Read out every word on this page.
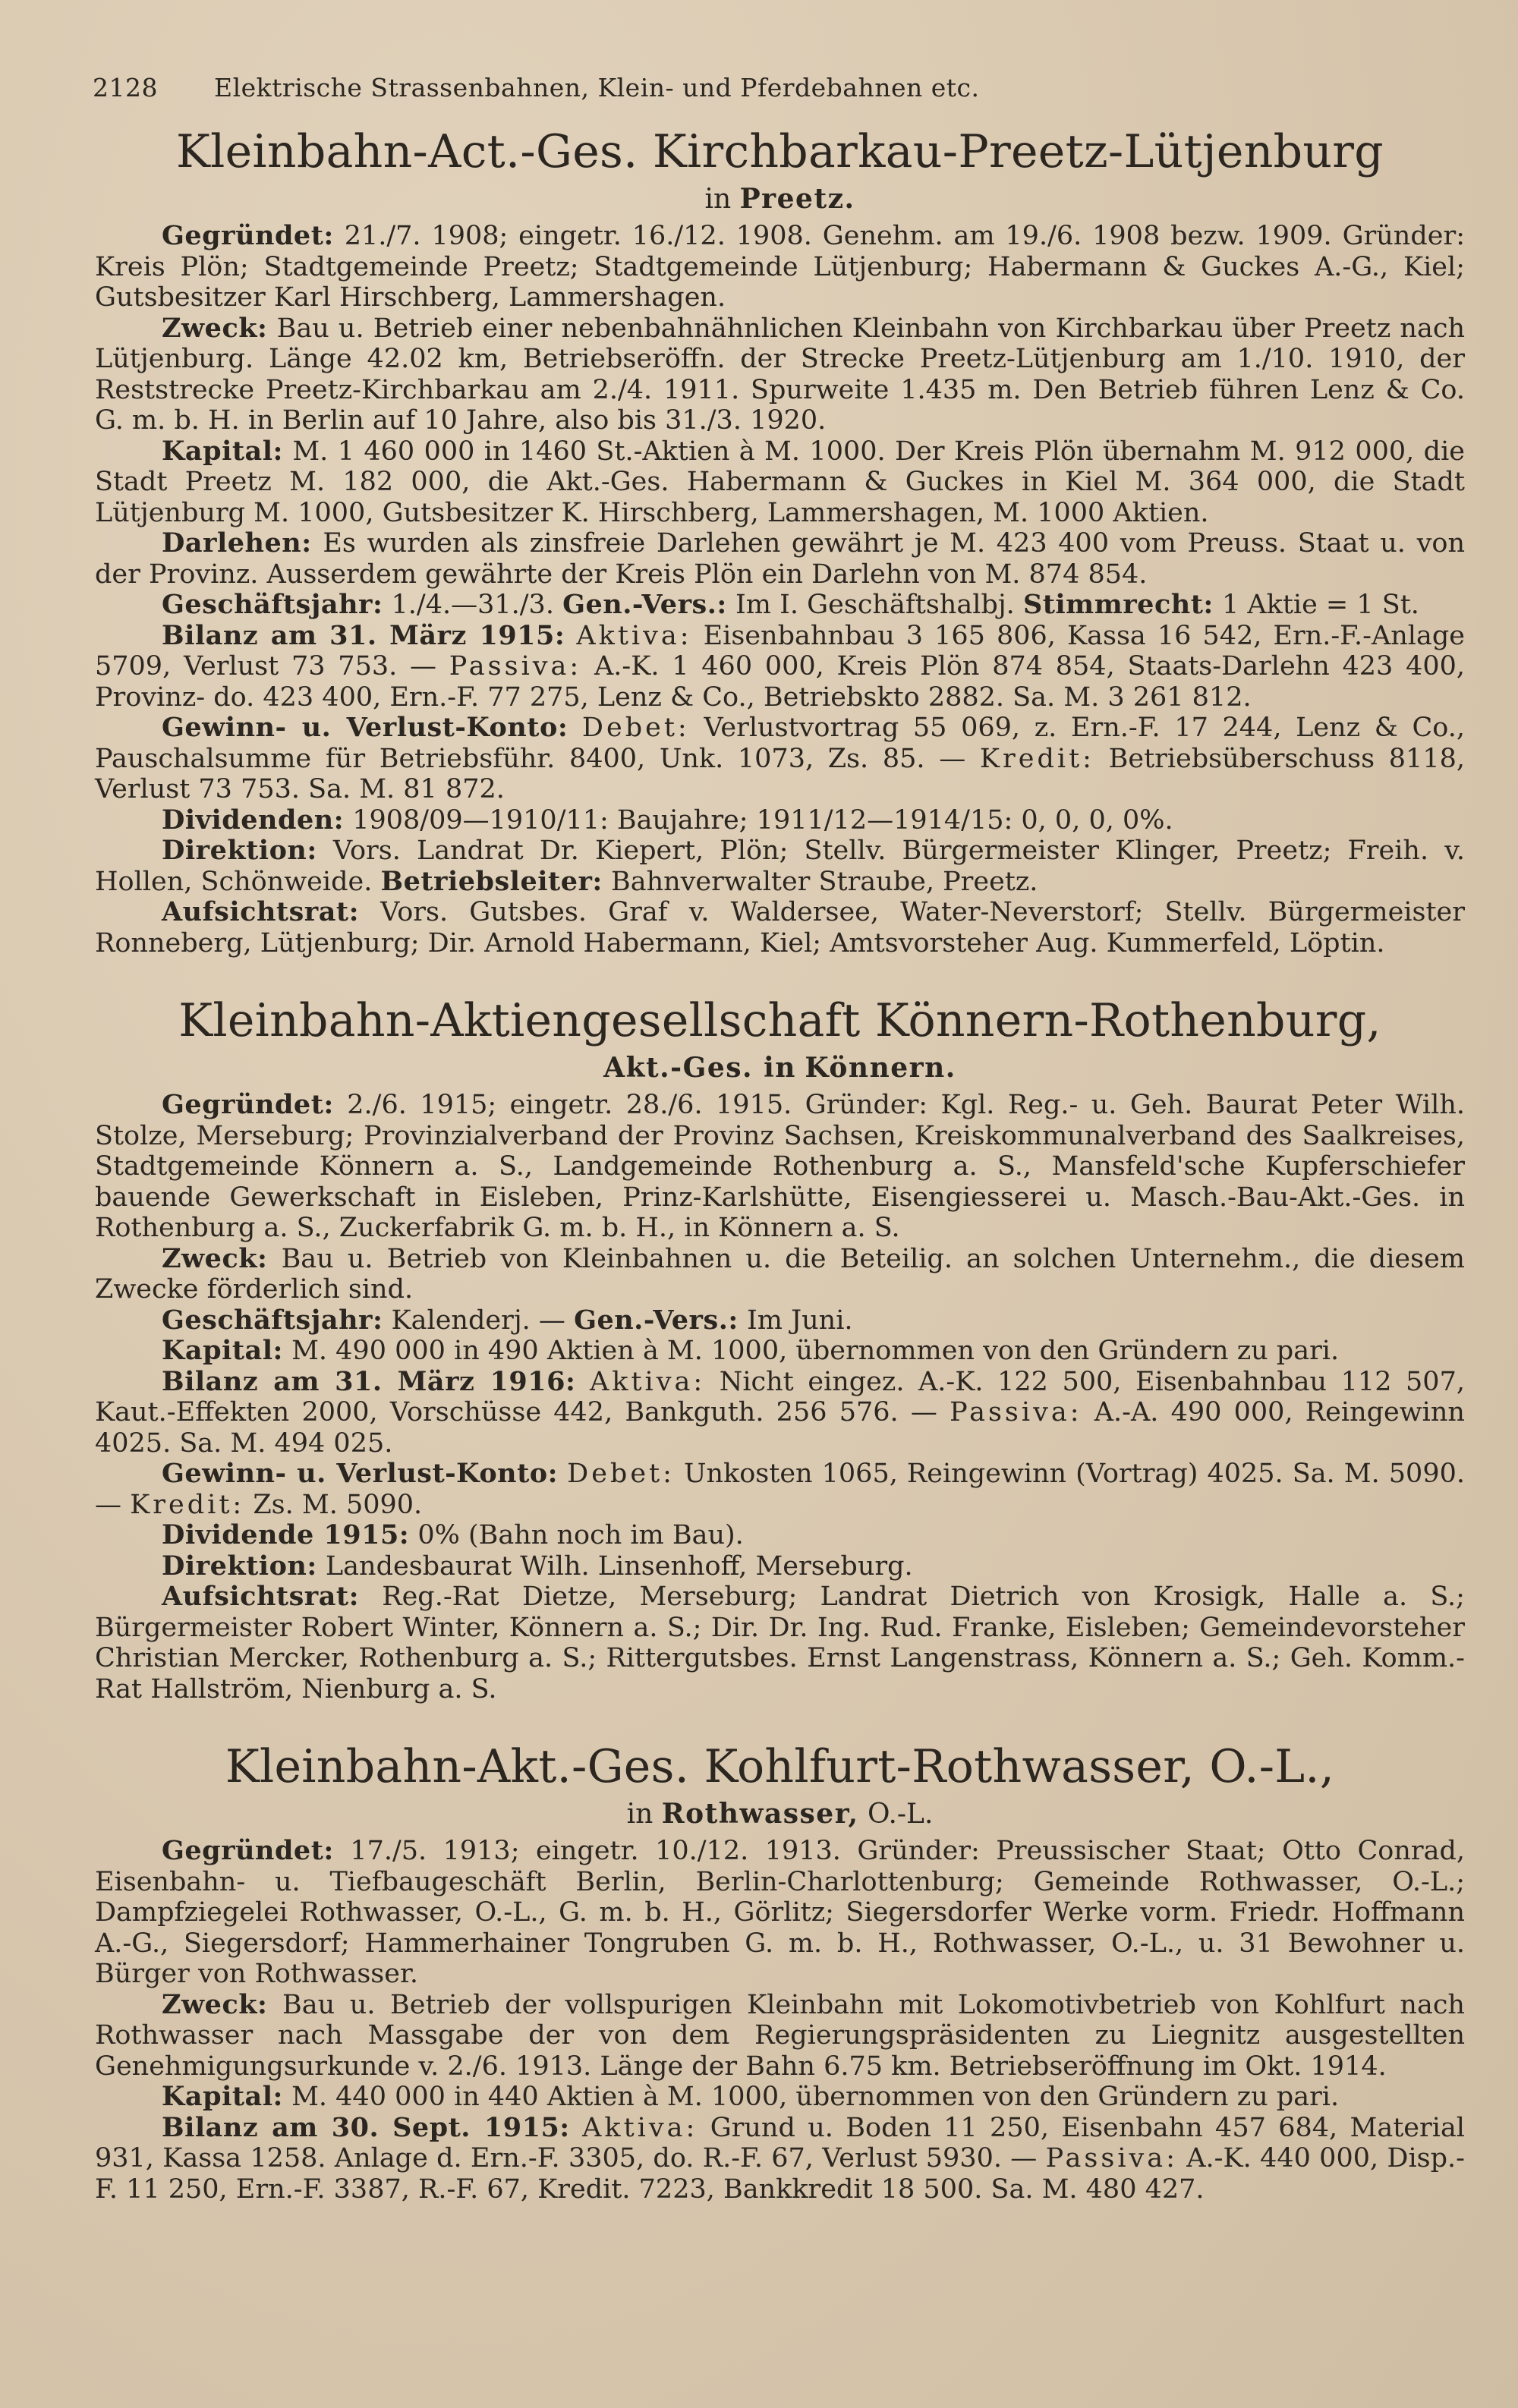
2128 Elektrische Strassenbahnen, Klein- und Pferdebahnen etc.
Kleinbahn-Act.-Ges. Kirchbarkau-Preetz-Lütjenburg

in Preetz.

Gegründet: 21./7. 1908; eingetr. 16./12. 1908. Genehm. am 19./6. 1908 bezw. 1909. Gründer: Kreis Plön; Stadtgemeinde Preetz; Stadtgemeinde Lütjenburg; Habermann & Guckes A.-G., Kiel; Gutsbesitzer Karl Hirschberg, Lammershagen.

Zweck: Bau u. Betrieb einer nebenbahnähnlichen Kleinbahn von Kirchbarkau über Preetz nach Lütjenburg. Länge 42.02 km, Betriebseröffn. der Strecke Preetz-Lütjenburg am 1./10. 1910, der Reststrecke Preetz-Kirchbarkau am 2./4. 1911. Spurweite 1.435 m. Den Betrieb führen Lenz & Co. G. m. b. H. in Berlin auf 10 Jahre, also bis 31./3. 1920.

Kapital: M. 1 460 000 in 1460 St.-Aktien à M. 1000. Der Kreis Plön übernahm M. 912 000, die Stadt Preetz M. 182 000, die Akt.-Ges. Habermann & Guckes in Kiel M. 364 000, die Stadt Lütjenburg M. 1000, Gutsbesitzer K. Hirschberg, Lammershagen, M. 1000 Aktien.

Darlehen: Es wurden als zinsfreie Darlehen gewährt je M. 423 400 vom Preuss. Staat u. von der Provinz. Ausserdem gewährte der Kreis Plön ein Darlehn von M. 874 854.

Geschäftsjahr: 1./4.—31./3. Gen.-Vers.: Im I. Geschäftshalbj. Stimmrecht: 1 Aktie = 1 St.

Bilanz am 31. März 1915: Aktiva: Eisenbahnbau 3 165 806, Kassa 16 542, Ern.-F.-Anlage 5709, Verlust 73 753. — Passiva: A.-K. 1 460 000, Kreis Plön 874 854, Staats-Darlehn 423 400, Provinz- do. 423 400, Ern.-F. 77 275, Lenz & Co., Betriebskto 2882. Sa. M. 3 261 812.

Gewinn- u. Verlust-Konto: Debet: Verlustvortrag 55 069, z. Ern.-F. 17 244, Lenz & Co., Pauschalsumme für Betriebsführ. 8400, Unk. 1073, Zs. 85. — Kredit: Betriebsüberschuss 8118, Verlust 73 753. Sa. M. 81 872.

Dividenden: 1908/09—1910/11: Baujahre; 1911/12—1914/15: 0, 0, 0, 0%.

Direktion: Vors. Landrat Dr. Kiepert, Plön; Stellv. Bürgermeister Klinger, Preetz; Freih. v. Hollen, Schönweide. Betriebsleiter: Bahnverwalter Straube, Preetz.

Aufsichtsrat: Vors. Gutsbes. Graf v. Waldersee, Water-Neverstorf; Stellv. Bürgermeister Ronneberg, Lütjenburg; Dir. Arnold Habermann, Kiel; Amtsvorsteher Aug. Kummerfeld, Löptin.

Kleinbahn-Aktiengesellschaft Könnern-Rothenburg,

Akt.-Ges. in Könnern.

Gegründet: 2./6. 1915; eingetr. 28./6. 1915. Gründer: Kgl. Reg.- u. Geh. Baurat Peter Wilh. Stolze, Merseburg; Provinzialverband der Provinz Sachsen, Kreiskommunalverband des Saalkreises, Stadtgemeinde Könnern a. S., Landgemeinde Rothenburg a. S., Mansfeld'sche Kupferschiefer bauende Gewerkschaft in Eisleben, Prinz-Karlshütte, Eisengiesserei u. Masch.-Bau-Akt.-Ges. in Rothenburg a. S., Zuckerfabrik G. m. b. H., in Könnern a. S.

Zweck: Bau u. Betrieb von Kleinbahnen u. die Beteilig. an solchen Unternehm., die diesem Zwecke förderlich sind.

Geschäftsjahr: Kalenderj. — Gen.-Vers.: Im Juni.

Kapital: M. 490 000 in 490 Aktien à M. 1000, übernommen von den Gründern zu pari.

Bilanz am 31. März 1916: Aktiva: Nicht eingez. A.-K. 122 500, Eisenbahnbau 112 507, Kaut.-Effekten 2000, Vorschüsse 442, Bankguth. 256 576. — Passiva: A.-A. 490 000, Reingewinn 4025. Sa. M. 494 025.

Gewinn- u. Verlust-Konto: Debet: Unkosten 1065, Reingewinn (Vortrag) 4025. Sa. M. 5090. — Kredit: Zs. M. 5090.

Dividende 1915: 0% (Bahn noch im Bau).

Direktion: Landesbaurat Wilh. Linsenhoff, Merseburg.

Aufsichtsrat: Reg.-Rat Dietze, Merseburg; Landrat Dietrich von Krosigk, Halle a. S.; Bürgermeister Robert Winter, Könnern a. S.; Dir. Dr. Ing. Rud. Franke, Eisleben; Gemeindevorsteher Christian Mercker, Rothenburg a. S.; Rittergutsbes. Ernst Langenstrass, Könnern a. S.; Geh. Komm.-Rat Hallström, Nienburg a. S.

Kleinbahn-Akt.-Ges. Kohlfurt-Rothwasser, O.-L.,

in Rothwasser, O.-L.

Gegründet: 17./5. 1913; eingetr. 10./12. 1913. Gründer: Preussischer Staat; Otto Conrad, Eisenbahn- u. Tiefbaugeschäft Berlin, Berlin-Charlottenburg; Gemeinde Rothwasser, O.-L.; Dampfziegelei Rothwasser, O.-L., G. m. b. H., Görlitz; Siegersdorfer Werke vorm. Friedr. Hoffmann A.-G., Siegersdorf; Hammerhainer Tongruben G. m. b. H., Rothwasser, O.-L., u. 31 Bewohner u. Bürger von Rothwasser.

Zweck: Bau u. Betrieb der vollspurigen Kleinbahn mit Lokomotivbetrieb von Kohlfurt nach Rothwasser nach Massgabe der von dem Regierungspräsidenten zu Liegnitz ausgestellten Genehmigungsurkunde v. 2./6. 1913. Länge der Bahn 6.75 km. Betriebseröffnung im Okt. 1914.

Kapital: M. 440 000 in 440 Aktien à M. 1000, übernommen von den Gründern zu pari.

Bilanz am 30. Sept. 1915: Aktiva: Grund u. Boden 11 250, Eisenbahn 457 684, Material 931, Kassa 1258. Anlage d. Ern.-F. 3305, do. R.-F. 67, Verlust 5930. — Passiva: A.-K. 440 000, Disp.-F. 11 250, Ern.-F. 3387, R.-F. 67, Kredit. 7223, Bankkredit 18 500. Sa. M. 480 427.
